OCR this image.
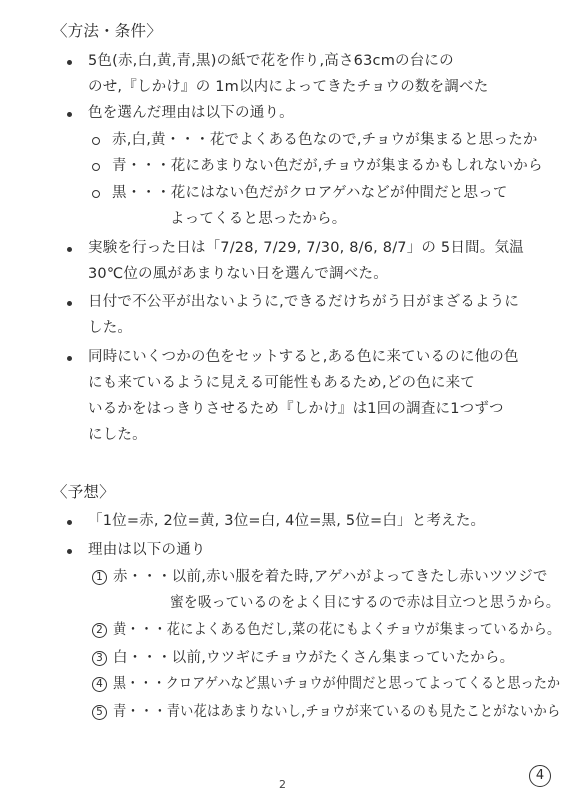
〈方法・条件〉
5色(赤,白,黄,青,黒)の紙で花を作り,高さ63cmの台にの
のせ,『しかけ』の 1m以内によってきたチョウの数を調べた
色を選んだ理由は以下の通り。
赤,白,黄・・・花でよくある色なので,チョウが集まると思ったか
青・・・花にあまりない色だが,チョウが集まるかもしれないから
黒・・・花にはない色だがクロアゲハなどが仲間だと思って
よってくると思ったから。
実験を行った日は「7/28, 7/29, 7/30, 8/6, 8/7」の 5日間。気温
30℃位の風があまりない日を選んで調べた。
日付で不公平が出ないように,できるだけちがう日がまざるように
した。
同時にいくつかの色をセットすると,ある色に来ているのに他の色
にも来ているように見える可能性もあるため,どの色に来て
いるかをはっきりさせるため『しかけ』は1回の調査に1つずつ
にした。
〈予想〉
「1位=赤, 2位=黄, 3位=白, 4位=黒, 5位=白」と考えた。
理由は以下の通り
1 赤・・・以前,赤い服を着た時,アゲハがよってきたし赤いツツジで
蜜を吸っているのをよく目にするので赤は目立つと思うから。
2 黄・・・花によくある色だし,菜の花にもよくチョウが集まっているから。
3 白・・・以前,ウツギにチョウがたくさん集まっていたから。
4 黒・・・クロアゲハなど黒いチョウが仲間だと思ってよってくると思ったか
5 青・・・青い花はあまりないし,チョウが来ているのも見たことがないから
2
4
